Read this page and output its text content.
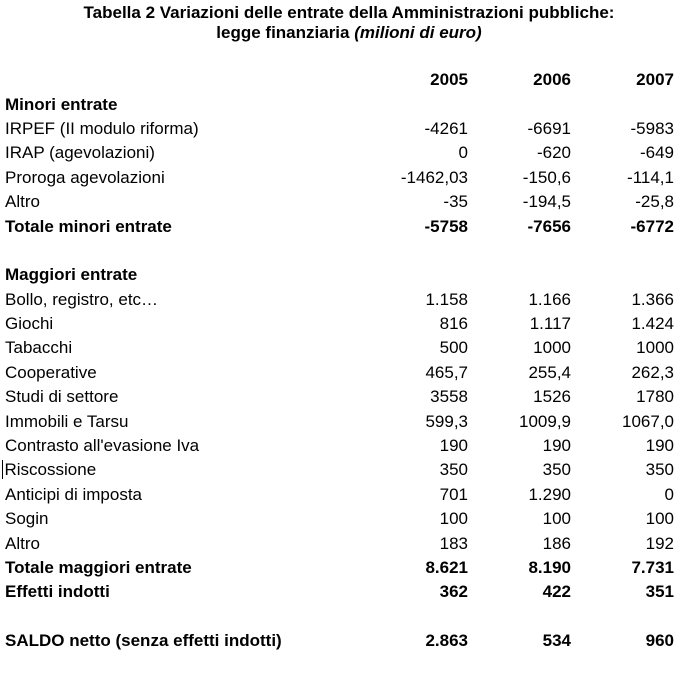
Tabella 2 Variazioni delle entrate della Amministrazioni pubbliche:
legge finanziaria (milioni di euro)
	2005	2006	2007
Minori entrate			
IRPEF (II modulo riforma)	-4261	-6691	-5983
IRAP (agevolazioni)	0	-620	-649
Proroga agevolazioni	-1462,03	-150,6	-114,1
Altro	-35	-194,5	-25,8
Totale minori entrate	-5758	-7656	-6772

Maggiori entrate			
Bollo, registro, etc…	1.158	1.166	1.366
Giochi	816	1.117	1.424
Tabacchi	500	1000	1000
Cooperative	465,7	255,4	262,3
Studi di settore	3558	1526	1780
Immobili e Tarsu	599,3	1009,9	1067,0
Contrasto all'evasione Iva	190	190	190
Riscossione	350	350	350
Anticipi di imposta	701	1.290	0
Sogin	100	100	100
Altro	183	186	192
Totale maggiori entrate	8.621	8.190	7.731
Effetti indotti	362	422	351

SALDO netto (senza effetti indotti)	2.863	534	960
